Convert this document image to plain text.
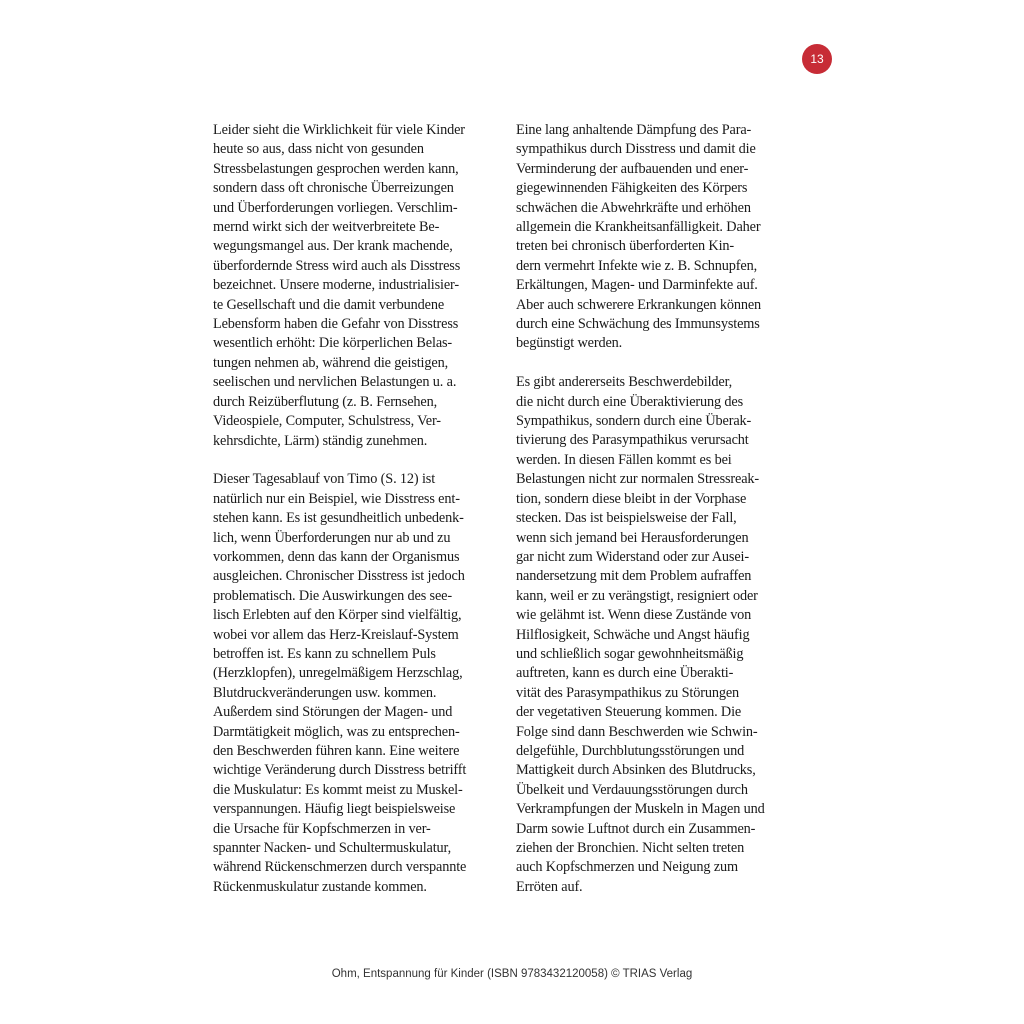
13
Leider sieht die Wirklichkeit für viele Kinder
heute so aus, dass nicht von gesunden
Stressbelastungen gesprochen werden kann,
sondern dass oft chronische Überreizungen
und Überforderungen vorliegen. Verschlim-
mernd wirkt sich der weitverbreitete Be-
wegungsmangel aus. Der krank machende,
überfordernde Stress wird auch als Disstress
bezeichnet. Unsere moderne, industrialisier-
te Gesellschaft und die damit verbundene
Lebensform haben die Gefahr von Disstress
wesentlich erhöht: Die körperlichen Belas-
tungen nehmen ab, während die geistigen,
seelischen und nervlichen Belastungen u. a.
durch Reizüberflutung (z. B. Fernsehen,
Videospiele, Computer, Schulstress, Ver-
kehrsdichte, Lärm) ständig zunehmen.
Dieser Tagesablauf von Timo (S. 12) ist
natürlich nur ein Beispiel, wie Disstress ent-
stehen kann. Es ist gesundheitlich unbedenk-
lich, wenn Überforderungen nur ab und zu
vorkommen, denn das kann der Organismus
ausgleichen. Chronischer Disstress ist jedoch
problematisch. Die Auswirkungen des see-
lisch Erlebten auf den Körper sind vielfältig,
wobei vor allem das Herz-Kreislauf-System
betroffen ist. Es kann zu schnellem Puls
(Herzklopfen), unregelmäßigem Herzschlag,
Blutdruckveränderungen usw. kommen.
Außerdem sind Störungen der Magen- und
Darmtätigkeit möglich, was zu entsprechen-
den Beschwerden führen kann. Eine weitere
wichtige Veränderung durch Disstress betrifft
die Muskulatur: Es kommt meist zu Muskel-
verspannungen. Häufig liegt beispielsweise
die Ursache für Kopfschmerzen in ver-
spannter Nacken- und Schultermuskulatur,
während Rückenschmerzen durch verspannte
Rückenmuskulatur zustande kommen.
Eine lang anhaltende Dämpfung des Para-
sympathikus durch Disstress und damit die
Verminderung der aufbauenden und ener-
giegewinnenden Fähigkeiten des Körpers
schwächen die Abwehrkräfte und erhöhen
allgemein die Krankheitsanfälligkeit. Daher
treten bei chronisch überforderten Kin-
dern vermehrt Infekte wie z. B. Schnupfen,
Erkältungen, Magen- und Darminfekte auf.
Aber auch schwerere Erkrankungen können
durch eine Schwächung des Immunsystems
begünstigt werden.
Es gibt andererseits Beschwerdebilder,
die nicht durch eine Überaktivierung des
Sympathikus, sondern durch eine Überak-
tivierung des Parasympathikus verursacht
werden. In diesen Fällen kommt es bei
Belastungen nicht zur normalen Stressreak-
tion, sondern diese bleibt in der Vorphase
stecken. Das ist beispielsweise der Fall,
wenn sich jemand bei Herausforderungen
gar nicht zum Widerstand oder zur Ausei-
nandersetzung mit dem Problem aufraffen
kann, weil er zu verängstigt, resigniert oder
wie gelähmt ist. Wenn diese Zustände von
Hilflosigkeit, Schwäche und Angst häufig
und schließlich sogar gewohnheitsmäßig
auftreten, kann es durch eine Überakti-
vität des Parasympathikus zu Störungen
der vegetativen Steuerung kommen. Die
Folge sind dann Beschwerden wie Schwin-
delgefühle, Durchblutungsstörungen und
Mattigkeit durch Absinken des Blutdrucks,
Übelkeit und Verdauungsstörungen durch
Verkrampfungen der Muskeln in Magen und
Darm sowie Luftnot durch ein Zusammen-
ziehen der Bronchien. Nicht selten treten
auch Kopfschmerzen und Neigung zum
Erröten auf.
Ohm, Entspannung für Kinder (ISBN 9783432120058) © TRIAS Verlag
